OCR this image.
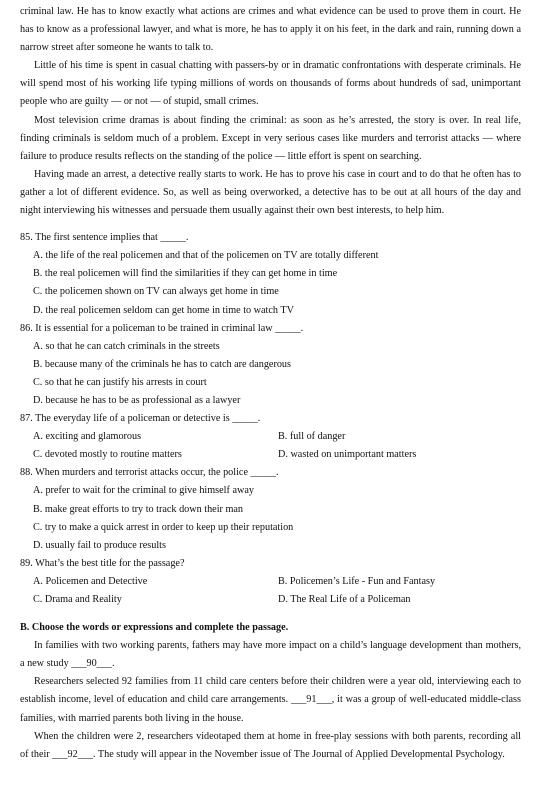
criminal law. He has to know exactly what actions are crimes and what evidence can be used to prove them in court. He has to know as a professional lawyer, and what is more, he has to apply it on his feet, in the dark and rain, running down a narrow street after someone he wants to talk to.

Little of his time is spent in casual chatting with passers-by or in dramatic confrontations with desperate criminals. He will spend most of his working life typing millions of words on thousands of forms about hundreds of sad, unimportant people who are guilty — or not — of stupid, small crimes.

Most television crime dramas is about finding the criminal: as soon as he’s arrested, the story is over. In real life, finding criminals is seldom much of a problem. Except in very serious cases like murders and terrorist attacks — where failure to produce results reflects on the standing of the police — little effort is spent on searching.

Having made an arrest, a detective really starts to work. He has to prove his case in court and to do that he often has to gather a lot of different evidence. So, as well as being overworked, a detective has to be out at all hours of the day and night interviewing his witnesses and persuade them usually against their own best interests, to help him.

85. The first sentence implies that _____.

A. the life of the real policemen and that of the policemen on TV are totally different

B. the real policemen will find the similarities if they can get home in time

C. the policemen shown on TV can always get home in time

D. the real policemen seldom can get home in time to watch TV

86. It is essential for a policeman to be trained in criminal law _____.

A. so that he can catch criminals in the streets

B. because many of the criminals he has to catch are dangerous

C. so that he can justify his arrests in court

D. because he has to be as professional as a lawyer

87. The everyday life of a policeman or detective is _____.

A. exciting and glamorous	B. full of danger
C. devoted mostly to routine matters	D. wasted on unimportant matters

88. When murders and terrorist attacks occur, the police _____.

A. prefer to wait for the criminal to give himself away

B. make great efforts to try to track down their man

C. try to make a quick arrest in order to keep up their reputation

D. usually fail to produce results

89. What’s the best title for the passage?

A. Policemen and Detective	B. Policemen’s Life - Fun and Fantasy
C. Drama and Reality	D. The Real Life of a Policeman

B. Choose the words or expressions and complete the passage.

In families with two working parents, fathers may have more impact on a child’s language development than mothers, a new study ___90___.

Researchers selected 92 families from 11 child care centers before their children were a year old, interviewing each to establish income, level of education and child care arrangements. ___91___, it was a group of well-educated middle-class families, with married parents both living in the house.

When the children were 2, researchers videotaped them at home in free-play sessions with both parents, recording all of their ___92___. The study will appear in the November issue of The Journal of Applied Developmental Psychology.
